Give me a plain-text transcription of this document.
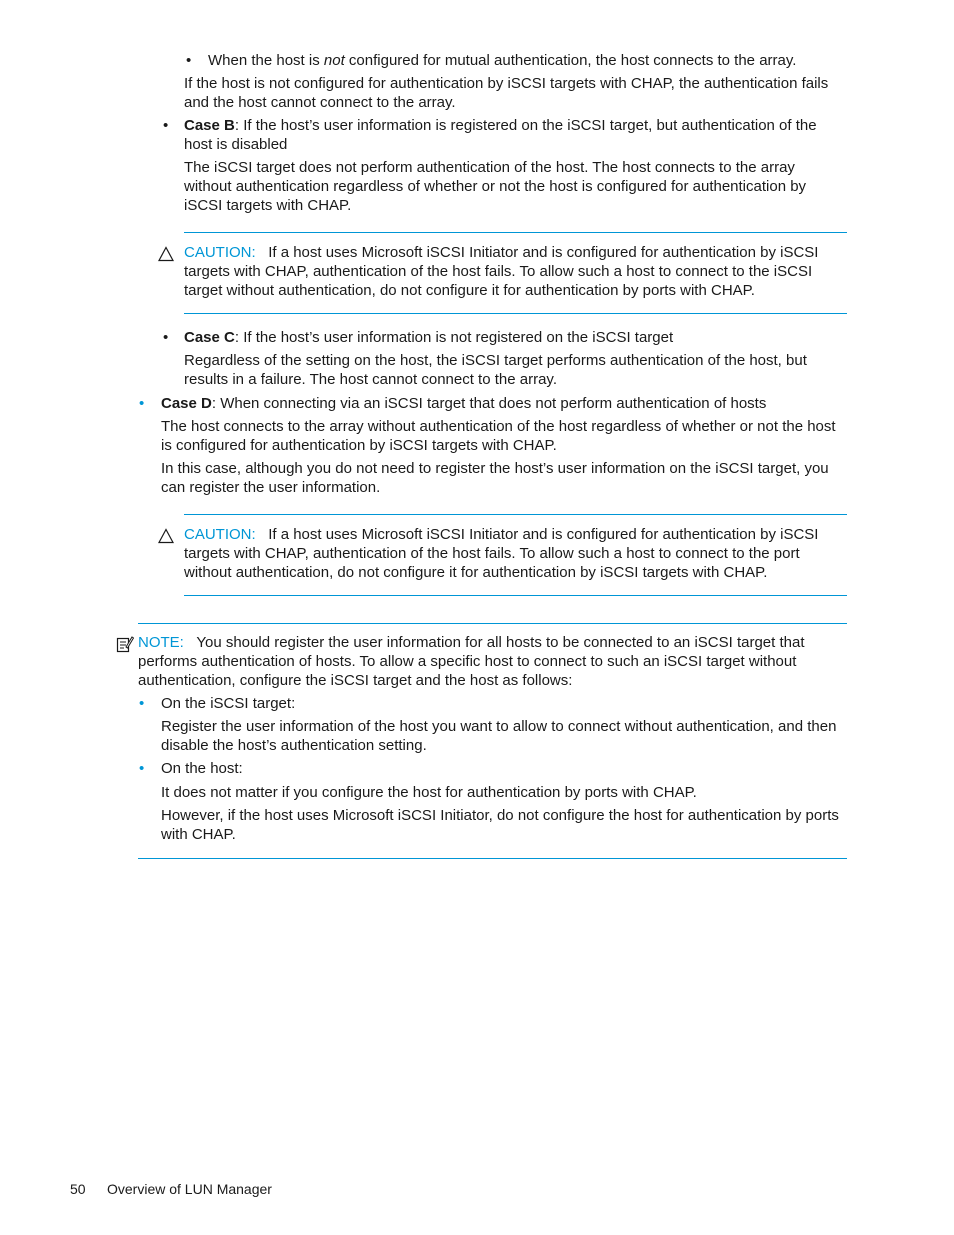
• When the host is not configured for mutual authentication, the host connects to the array.

If the host is not configured for authentication by iSCSI targets with CHAP, the authentication fails and the host cannot connect to the array.

• Case B: If the host’s user information is registered on the iSCSI target, but authentication of the host is disabled

The iSCSI target does not perform authentication of the host. The host connects to the array without authentication regardless of whether or not the host is configured for authentication by iSCSI targets with CHAP.

CAUTION: If a host uses Microsoft iSCSI Initiator and is configured for authentication by iSCSI targets with CHAP, authentication of the host fails. To allow such a host to connect to the iSCSI target without authentication, do not configure it for authentication by ports with CHAP.

• Case C: If the host’s user information is not registered on the iSCSI target

Regardless of the setting on the host, the iSCSI target performs authentication of the host, but results in a failure. The host cannot connect to the array.

• Case D: When connecting via an iSCSI target that does not perform authentication of hosts

The host connects to the array without authentication of the host regardless of whether or not the host is configured for authentication by iSCSI targets with CHAP.

In this case, although you do not need to register the host’s user information on the iSCSI target, you can register the user information.

CAUTION: If a host uses Microsoft iSCSI Initiator and is configured for authentication by iSCSI targets with CHAP, authentication of the host fails. To allow such a host to connect to the port without authentication, do not configure it for authentication by iSCSI targets with CHAP.

NOTE: You should register the user information for all hosts to be connected to an iSCSI target that performs authentication of hosts. To allow a specific host to connect to such an iSCSI target without authentication, configure the iSCSI target and the host as follows:

• On the iSCSI target:

Register the user information of the host you want to allow to connect without authentication, and then disable the host’s authentication setting.

• On the host:

It does not matter if you configure the host for authentication by ports with CHAP.

However, if the host uses Microsoft iSCSI Initiator, do not configure the host for authentication by ports with CHAP.

50 Overview of LUN Manager
